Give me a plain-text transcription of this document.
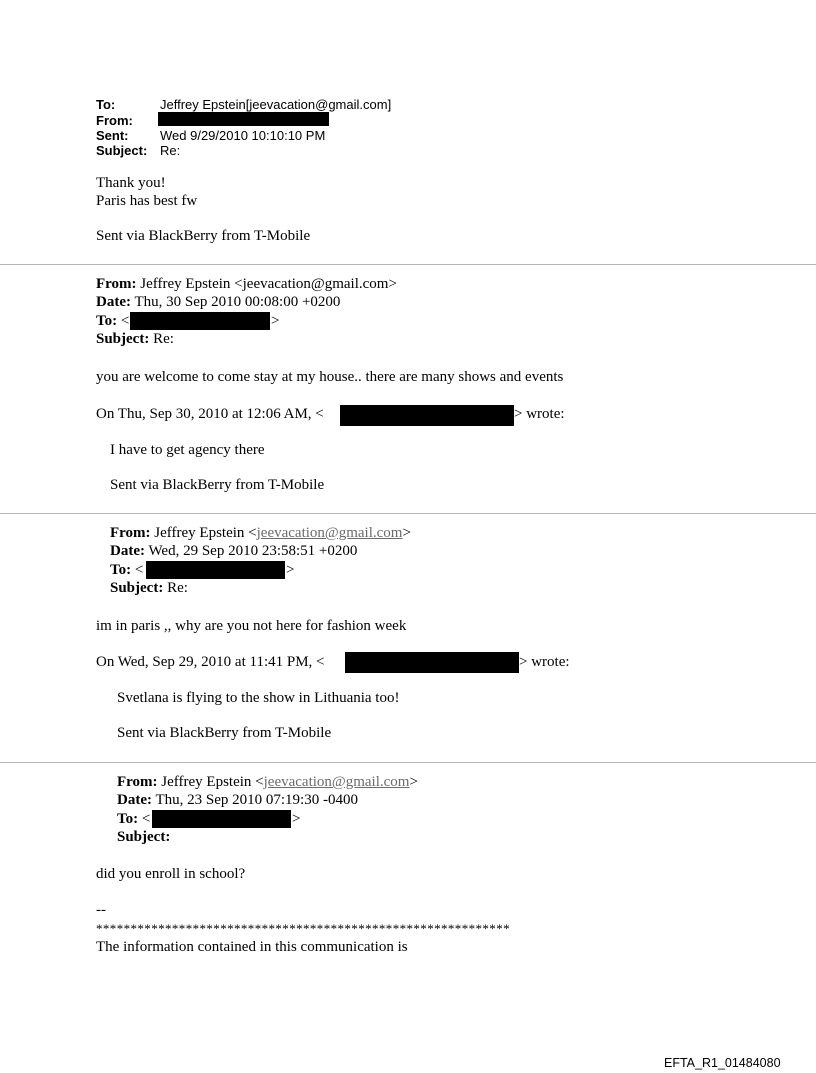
To:	Jeffrey Epstein[jeevacation@gmail.com]
From:
Sent: Wed 9/29/2010 10:10:10 PM
Subject: Re:
Thank you!
Paris has best fw
Sent via BlackBerry from T-Mobile
From: Jeffrey Epstein <jeevacation@gmail.com>
Date: Thu, 30 Sep 2010 00:08:00 +0200
To: <	>
Subject: Re:
you are welcome to come stay at my house.. there are many shows and events
On Thu, Sep 30, 2010 at 12:06 AM, <	> wrote:
I have to get agency there
Sent via BlackBerry from T-Mobile
From: Jeffrey Epstein <jeevacation@gmail.com>
Date: Wed, 29 Sep 2010 23:58:51 +0200
To: <	>
Subject: Re:
im in paris ,, why are you not here for fashion week
On Wed, Sep 29, 2010 at 11:41 PM, <	> wrote:
Svetlana is flying to the show in Lithuania too!
Sent via BlackBerry from T-Mobile
From: Jeffrey Epstein <jeevacation@gmail.com>
Date: Thu, 23 Sep 2010 07:19:30 -0400
To: <	>
Subject:
did you enroll in school?
--
************************************************************
The information contained in this communication is
EFTA_R1_01484080
